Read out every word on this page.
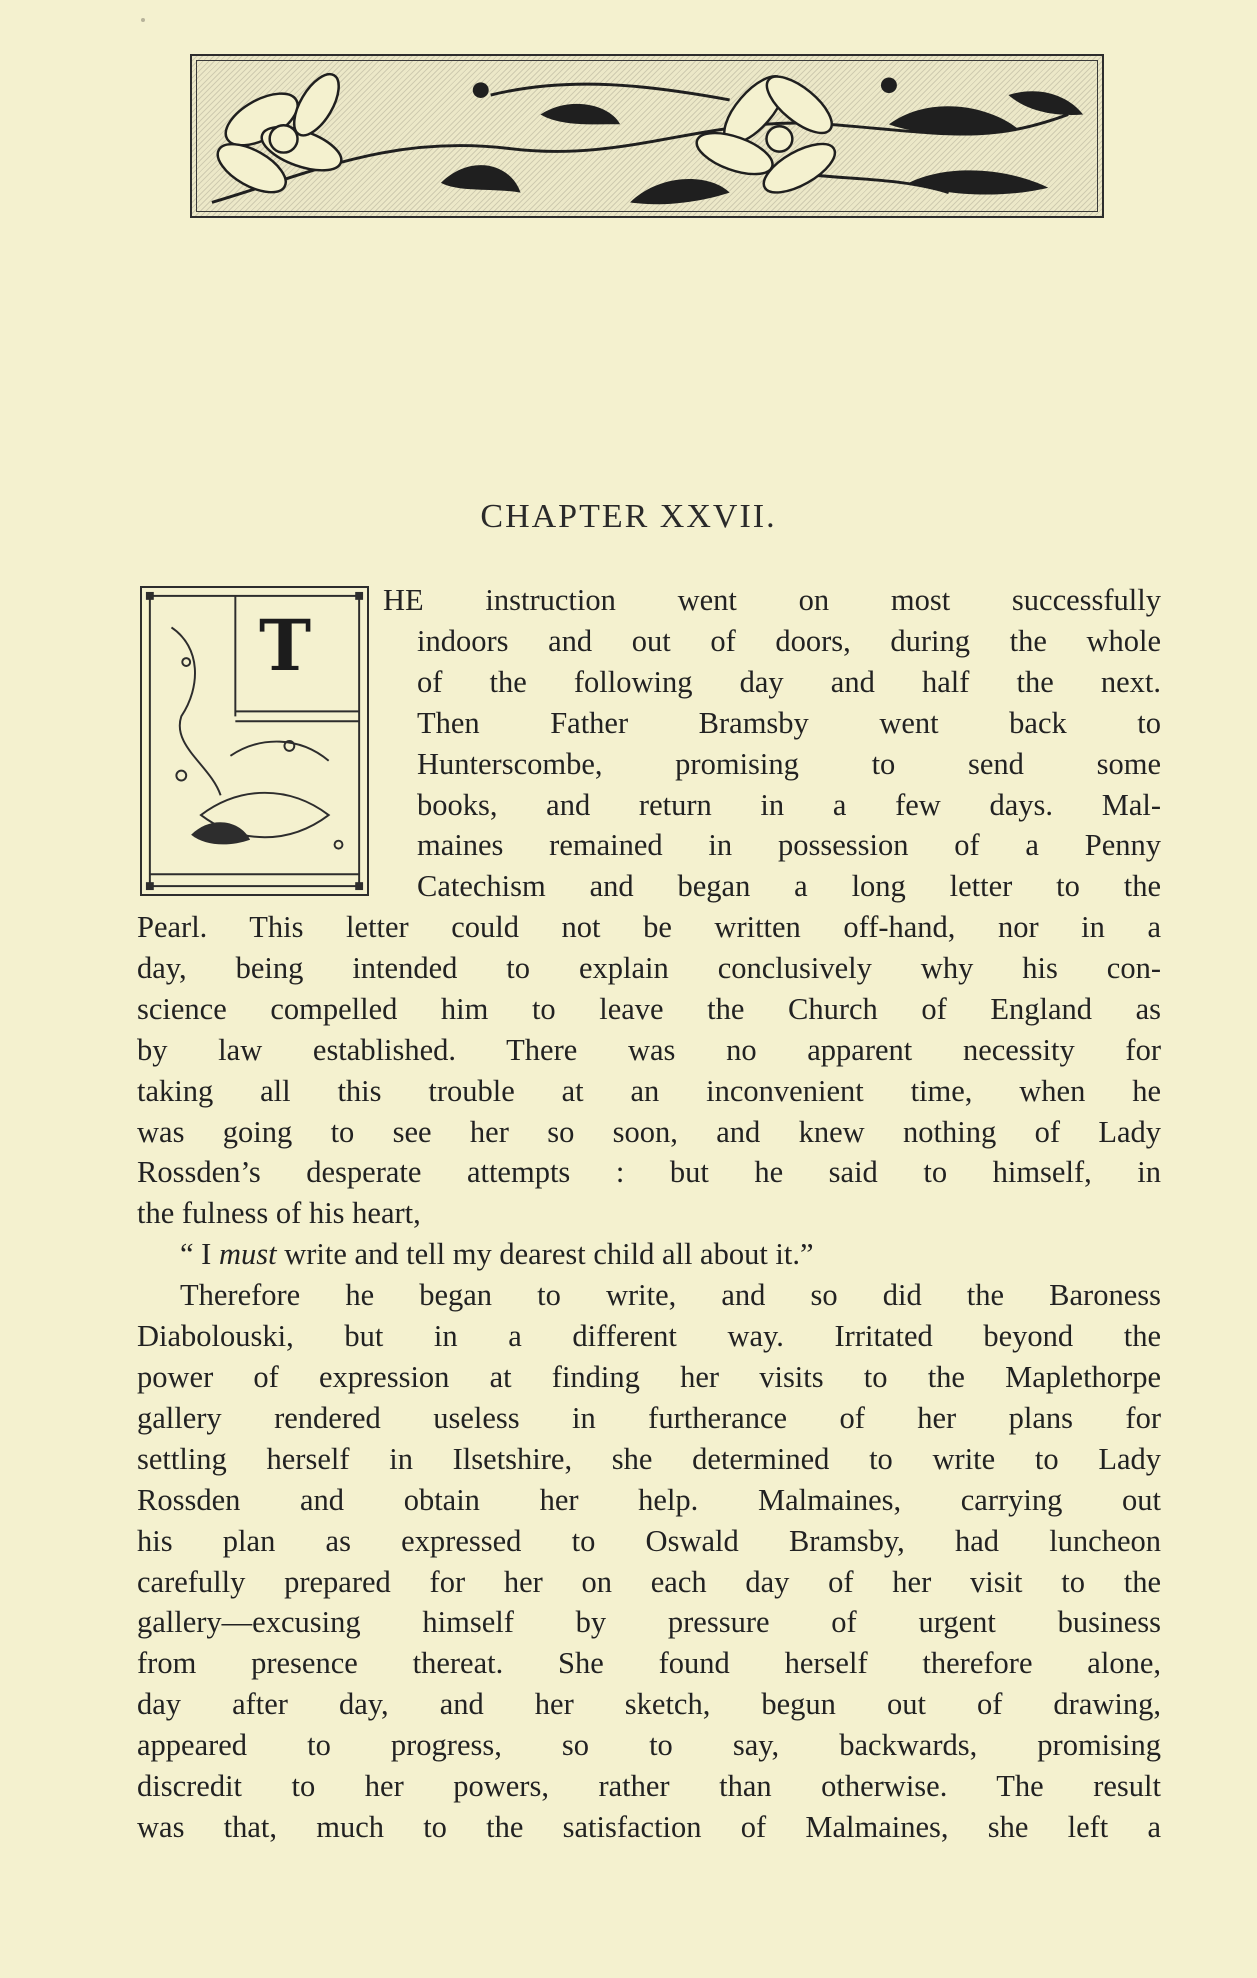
CHAPTER XXVII.
T
HE instruction went on most successfully
indoors and out of doors, during the whole
of the following day and half the next.
Then Father Bramsby went back to
Hunterscombe, promising to send some
books, and return in a few days. Mal-
maines remained in possession of a Penny
Catechism and began a long letter to the
Pearl. This letter could not be written off-hand, nor in a
day, being intended to explain conclusively why his con-
science compelled him to leave the Church of England as
by law established. There was no apparent necessity for
taking all this trouble at an inconvenient time, when he
was going to see her so soon, and knew nothing of Lady
Rossden’s desperate attempts : but he said to himself, in
the fulness of his heart,
“ I must write and tell my dearest child all about it.”
Therefore he began to write, and so did the Baroness
Diabolouski, but in a different way. Irritated beyond the
power of expression at finding her visits to the Maplethorpe
gallery rendered useless in furtherance of her plans for
settling herself in Ilsetshire, she determined to write to Lady
Rossden and obtain her help. Malmaines, carrying out
his plan as expressed to Oswald Bramsby, had luncheon
carefully prepared for her on each day of her visit to the
gallery—excusing himself by pressure of urgent business
from presence thereat. She found herself therefore alone,
day after day, and her sketch, begun out of drawing,
appeared to progress, so to say, backwards, promising
discredit to her powers, rather than otherwise. The result
was that, much to the satisfaction of Malmaines, she left a
